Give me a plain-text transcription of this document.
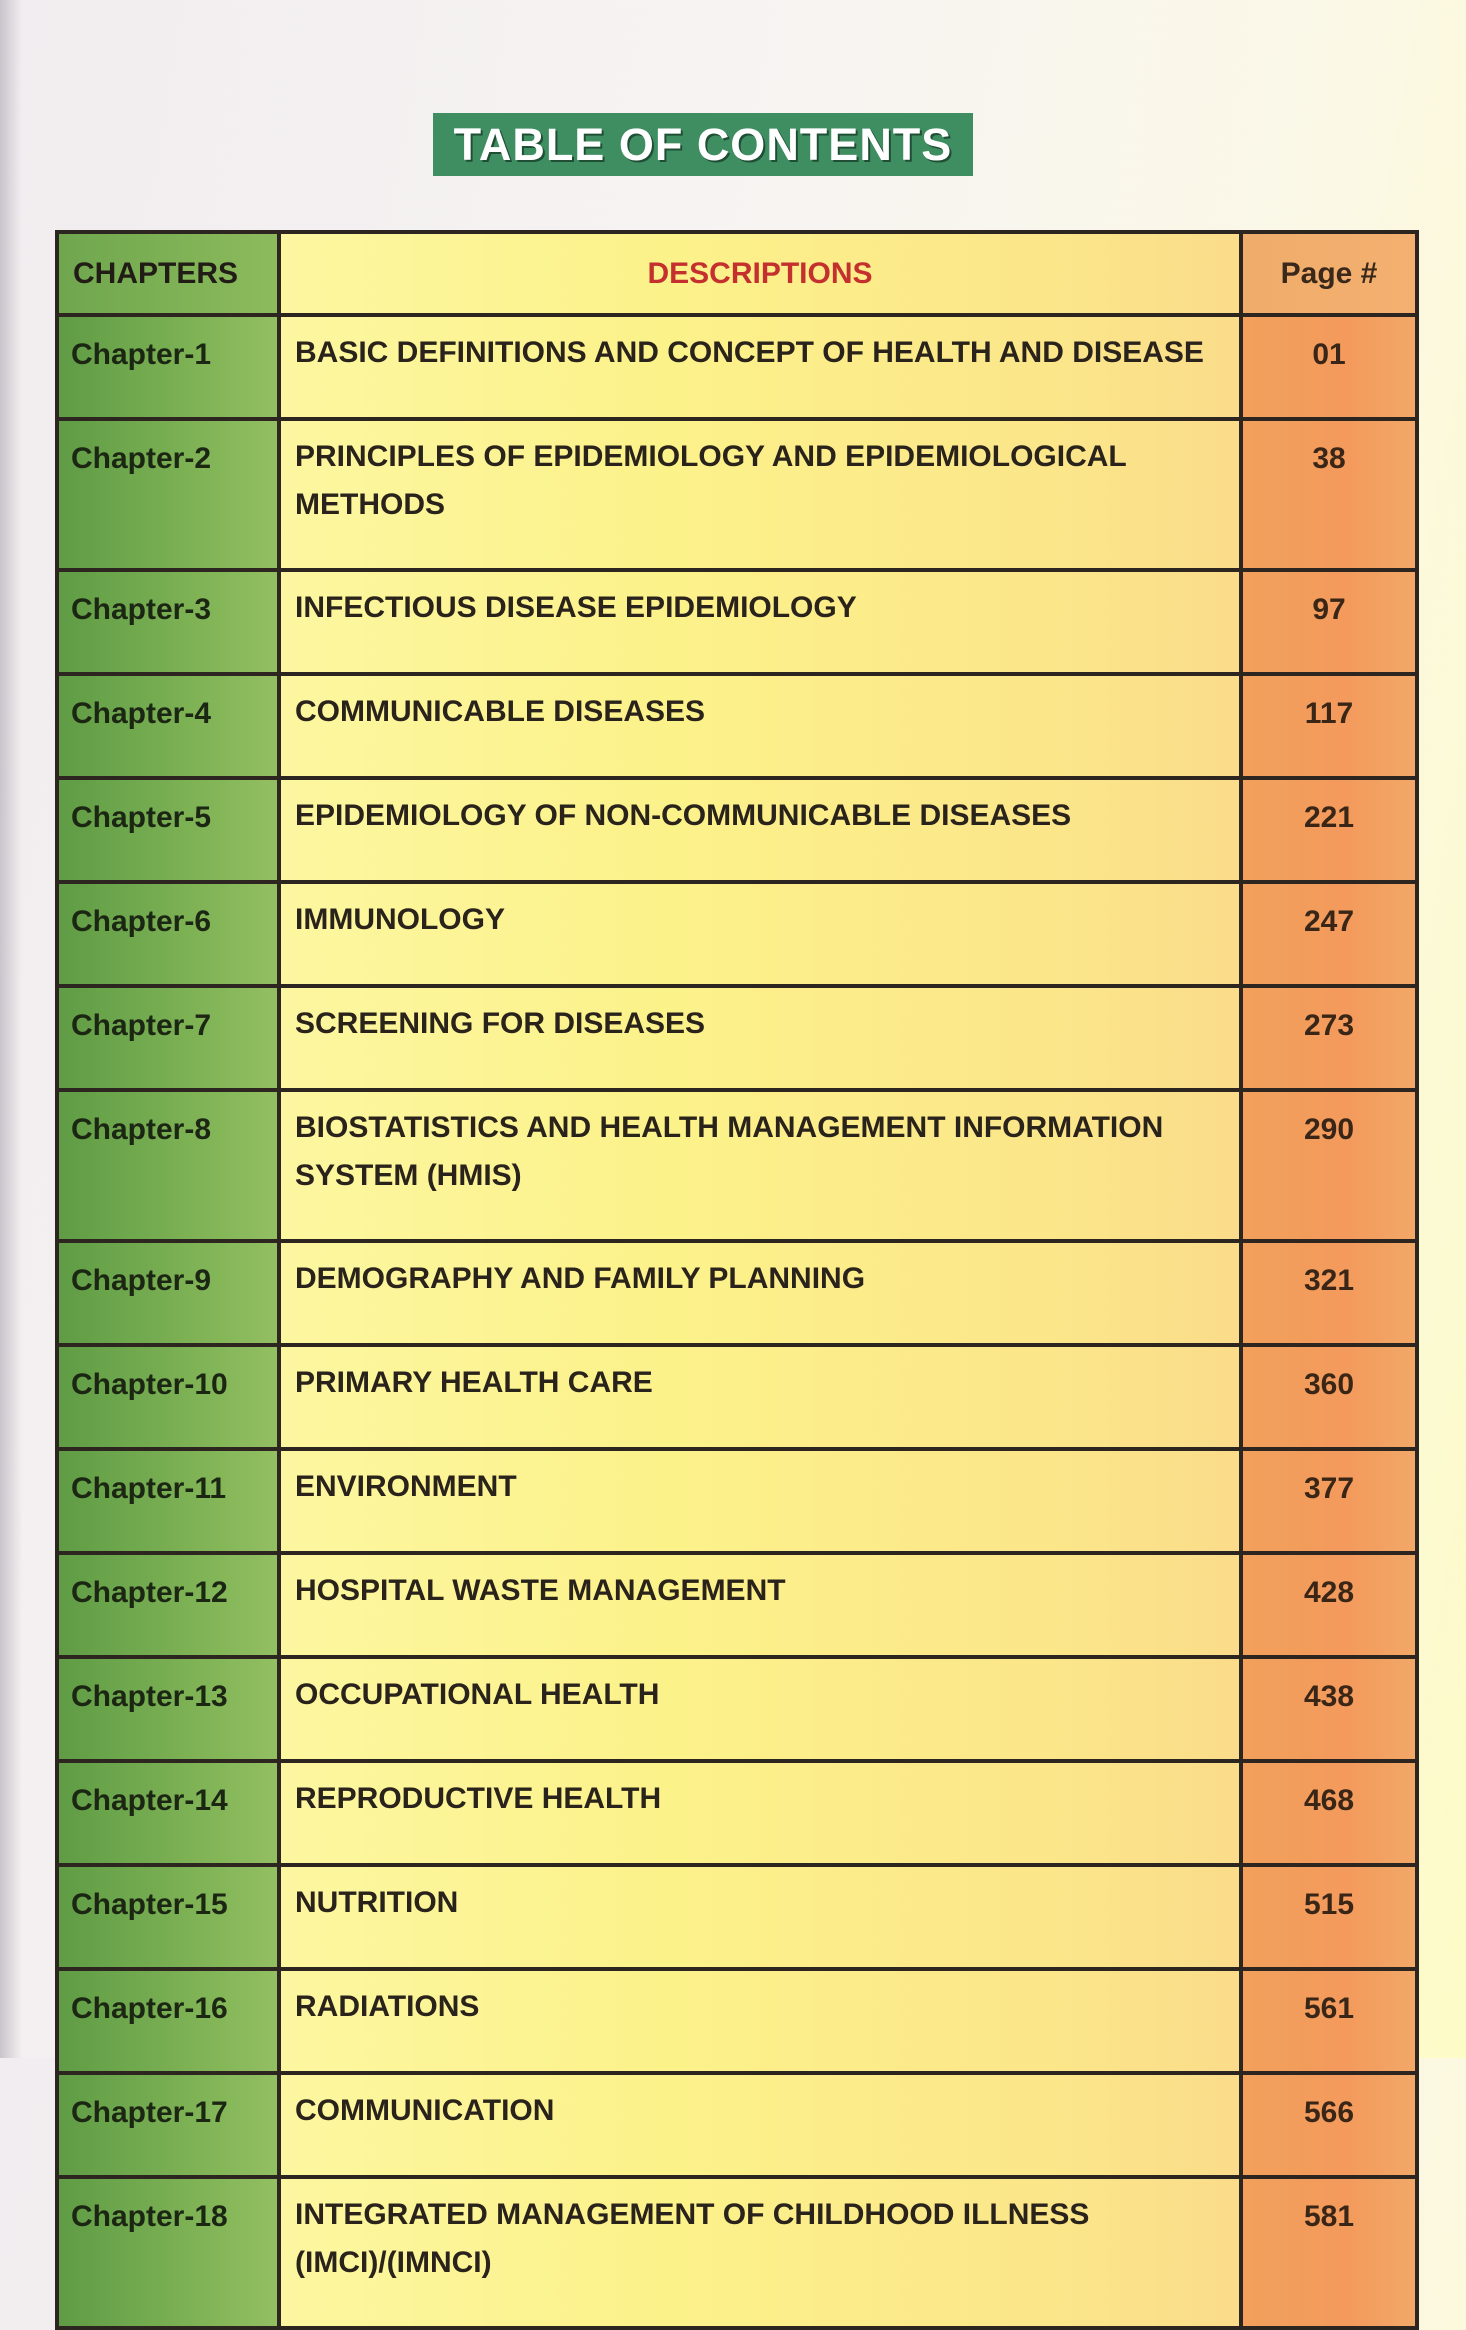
TABLE OF CONTENTS
CHAPTERS	DESCRIPTIONS	Page #
Chapter-1	BASIC DEFINITIONS AND CONCEPT OF HEALTH AND DISEASE	01
Chapter-2	PRINCIPLES OF EPIDEMIOLOGY AND EPIDEMIOLOGICAL METHODS	38
Chapter-3	INFECTIOUS DISEASE EPIDEMIOLOGY	97
Chapter-4	COMMUNICABLE DISEASES	117
Chapter-5	EPIDEMIOLOGY OF NON-COMMUNICABLE DISEASES	221
Chapter-6	IMMUNOLOGY	247
Chapter-7	SCREENING FOR DISEASES	273
Chapter-8	BIOSTATISTICS AND HEALTH MANAGEMENT INFORMATION SYSTEM (HMIS)	290
Chapter-9	DEMOGRAPHY AND FAMILY PLANNING	321
Chapter-10	PRIMARY HEALTH CARE	360
Chapter-11	ENVIRONMENT	377
Chapter-12	HOSPITAL WASTE MANAGEMENT	428
Chapter-13	OCCUPATIONAL HEALTH	438
Chapter-14	REPRODUCTIVE HEALTH	468
Chapter-15	NUTRITION	515
Chapter-16	RADIATIONS	561
Chapter-17	COMMUNICATION	566
Chapter-18	INTEGRATED MANAGEMENT OF CHILDHOOD ILLNESS (IMCI)/(IMNCI)	581
